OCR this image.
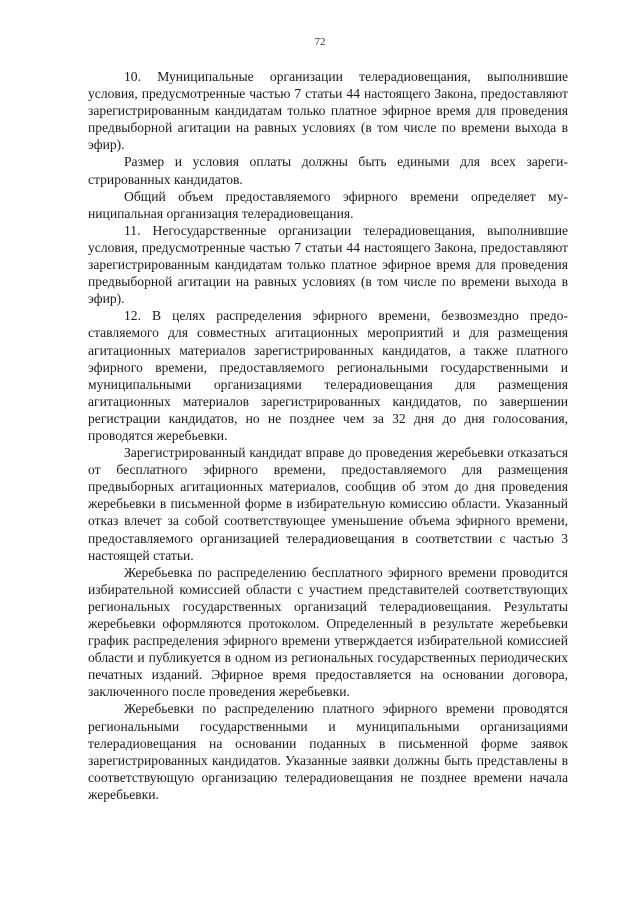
72

10. Муниципальные организации телерадиовещания, выполнившие условия, предусмотренные частью 7 статьи 44 настоящего Закона, предоставляют зарегистрированным кандидатам только платное эфирное время для проведения предвыборной агитации на равных условиях (в том числе по времени выхода в эфир).

Размер и условия оплаты должны быть едиными для всех зарегистрированных кандидатов.

Общий объем предоставляемого эфирного времени определяет муниципальная организация телерадиовещания.

11. Негосударственные организации телерадиовещания, выполнившие условия, предусмотренные частью 7 статьи 44 настоящего Закона, предоставляют зарегистрированным кандидатам только платное эфирное время для проведения предвыборной агитации на равных условиях (в том числе по времени выхода в эфир).

12. В целях распределения эфирного времени, безвозмездно предоставляемого для совместных агитационных мероприятий и для размещения агитационных материалов зарегистрированных кандидатов, а также платного эфирного времени, предоставляемого региональными государственными и муниципальными организациями телерадиовещания для размещения агитационных материалов зарегистрированных кандидатов, по завершении регистрации кандидатов, но не позднее чем за 32 дня до дня голосования, проводятся жеребьевки.

Зарегистрированный кандидат вправе до проведения жеребьевки отказаться от бесплатного эфирного времени, предоставляемого для размещения предвыборных агитационных материалов, сообщив об этом до дня проведения жеребьевки в письменной форме в избирательную комиссию области. Указанный отказ влечет за собой соответствующее уменьшение объема эфирного времени, предоставляемого организацией телерадиовещания в соответствии с частью 3 настоящей статьи.

Жеребьевка по распределению бесплатного эфирного времени проводится избирательной комиссией области с участием представителей соответствующих региональных государственных организаций телерадиовещания. Результаты жеребьевки оформляются протоколом. Определенный в результате жеребьевки график распределения эфирного времени утверждается избирательной комиссией области и публикуется в одном из региональных государственных периодических печатных изданий. Эфирное время предоставляется на основании договора, заключенного после проведения жеребьевки.

Жеребьевки по распределению платного эфирного времени проводятся региональными государственными и муниципальными организациями телерадиовещания на основании поданных в письменной форме заявок зарегистрированных кандидатов. Указанные заявки должны быть представлены в соответствующую организацию телерадиовещания не позднее времени начала жеребьевки.
